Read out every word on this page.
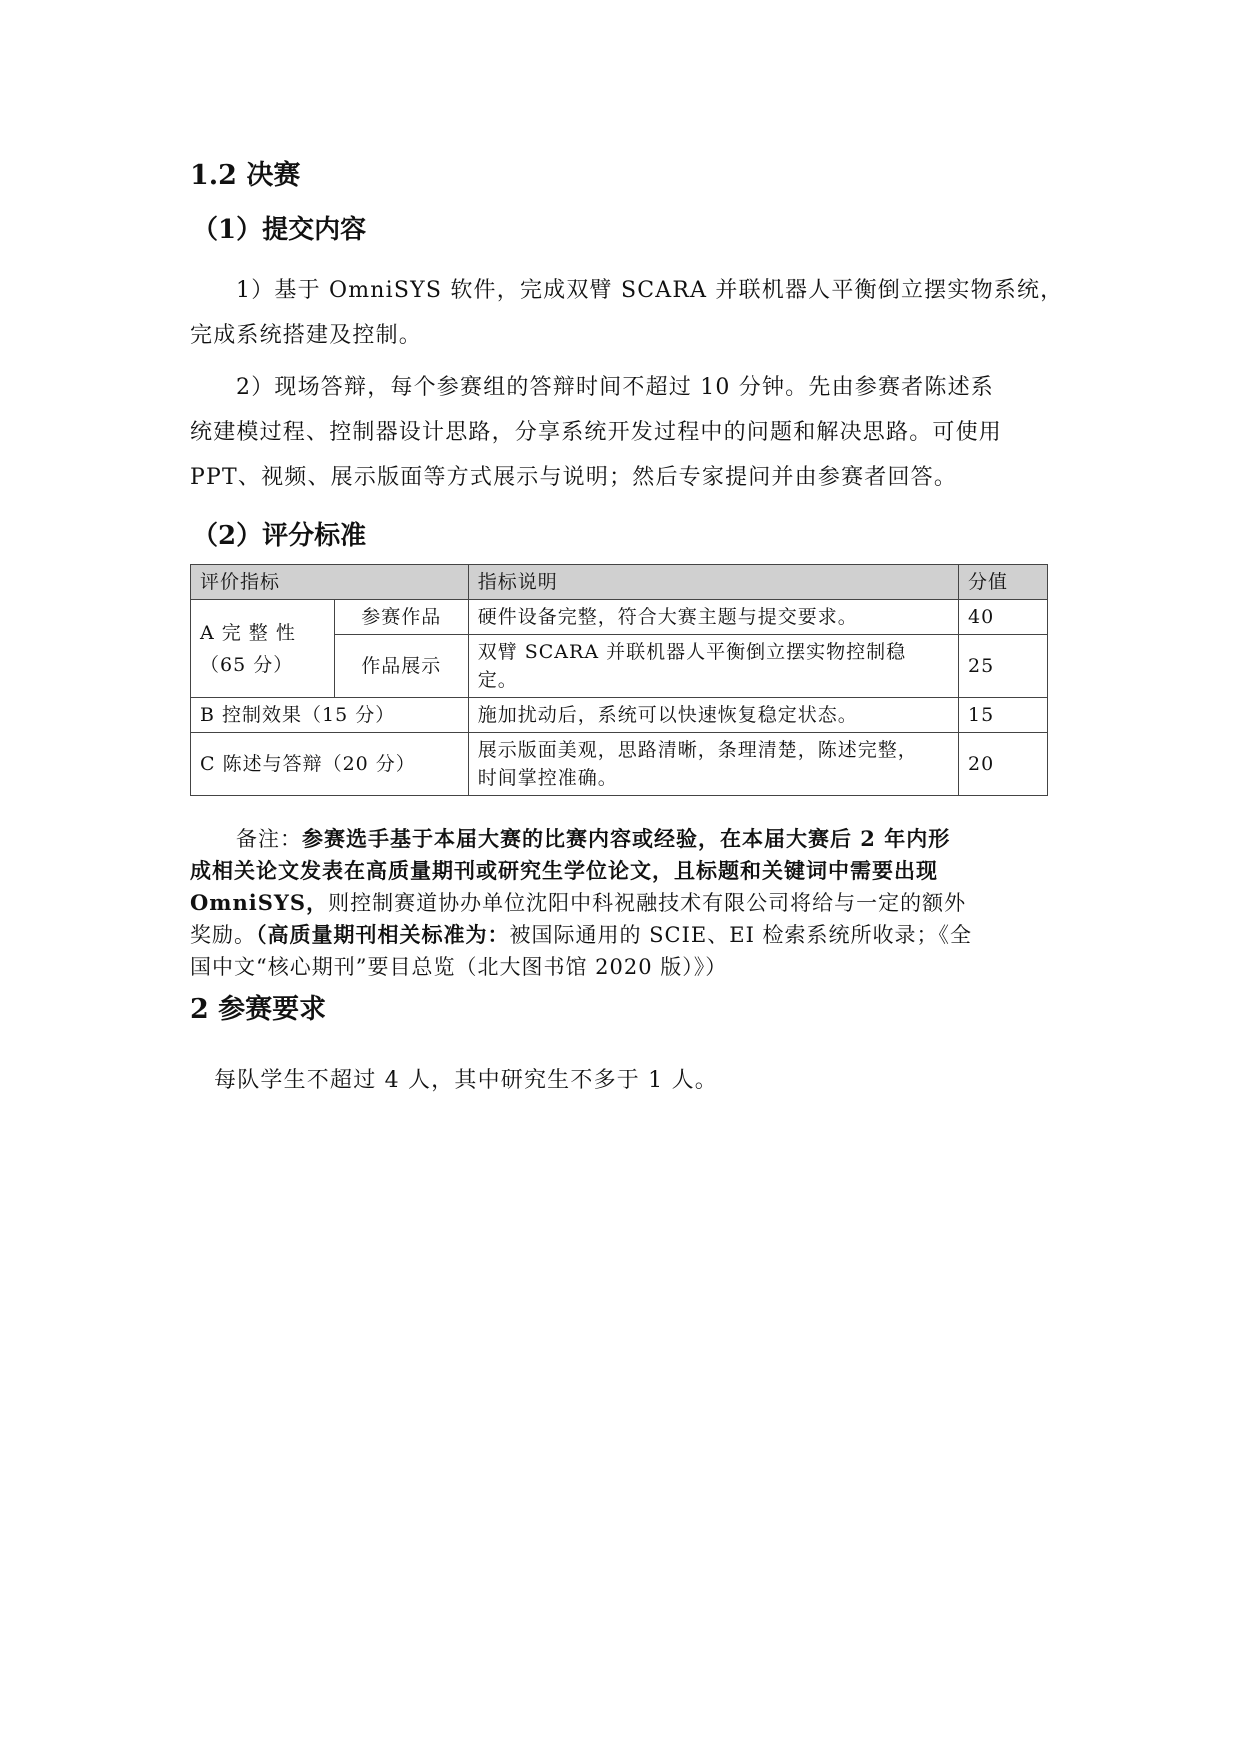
1.2 决赛
（1）提交内容
1）基于 OmniSYS 软件，完成双臂 SCARA 并联机器人平衡倒立摆实物系统，
完成系统搭建及控制。
2）现场答辩，每个参赛组的答辩时间不超过 10 分钟。先由参赛者陈述系
统建模过程、控制器设计思路，分享系统开发过程中的问题和解决思路。可使用
PPT、视频、展示版面等方式展示与说明；然后专家提问并由参赛者回答。
（2）评分标准
评价指标		指标说明	分值

A 完 整 性
（65 分）	参赛作品	硬件设备完整，符合大赛主题与提交要求。	40
	作品展示	双臂 SCARA 并联机器人平衡倒立摆实物控制稳
定。	25
B 控制效果（15 分）		施加扰动后，系统可以快速恢复稳定状态。	15
C 陈述与答辩（20 分）		展示版面美观，思路清晰，条理清楚，陈述完整，
时间掌控准确。	20
备注：参赛选手基于本届大赛的比赛内容或经验，在本届大赛后 2 年内形
成相关论文发表在高质量期刊或研究生学位论文，且标题和关键词中需要出现
OmniSYS，则控制赛道协办单位沈阳中科祝融技术有限公司将给与一定的额外
奖励。（高质量期刊相关标准为：被国际通用的 SCIE、EI 检索系统所收录；《全
国中文“核心期刊”要目总览（北大图书馆 2020 版）》）
2 参赛要求
每队学生不超过 4 人，其中研究生不多于 1 人。
